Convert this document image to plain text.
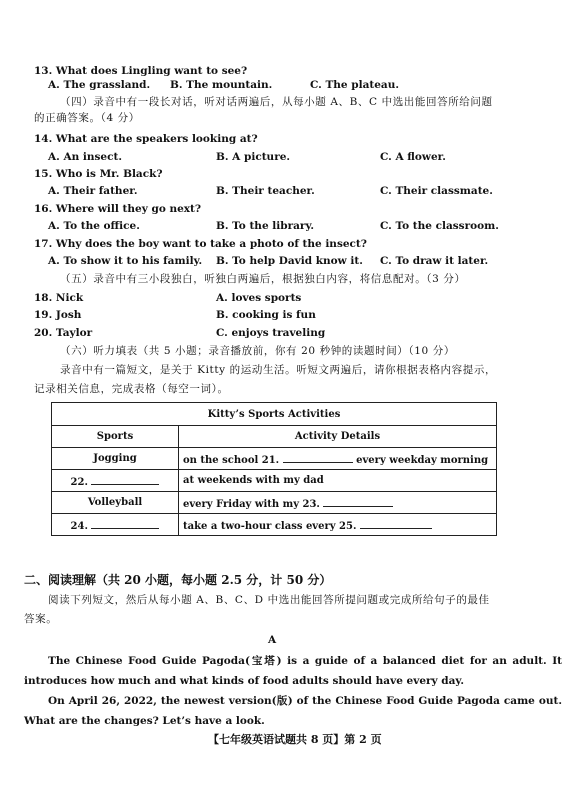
13. What does Lingling want to see?
A. The grassland. B. The mountain.	C. The plateau.
（四）录音中有一段长对话，听对话两遍后，从每小题 A、B、C 中选出能回答所给问题
的正确答案。（4 分）
14. What are the speakers looking at?
A. An insect.	B. A picture.	C. A flower.
15. Who is Mr. Black?
A. Their father.	B. Their teacher.	C. Their classmate.
16. Where will they go next?
A. To the office.	B. To the library.	C. To the classroom.
17. Why does the boy want to take a photo of the insect?
A. To show it to his family. B. To help David know it. C. To draw it later.
（五）录音中有三小段独白，听独白两遍后，根据独白内容，将信息配对。（3 分）
18. Nick	A. loves sports
19. Josh	B. cooking is fun
20. Taylor	C. enjoys traveling
（六）听力填表（共 5 小题；录音播放前，你有 20 秒钟的读题时间）（10 分）
录音中有一篇短文，是关于 Kitty 的运动生活。听短文两遍后，请你根据表格内容提示，
记录相关信息，完成表格（每空一词）。
Kitty’s Sports Activities	
Sports	Activity Details
Jogging	on the school 21. every weekday morning
22.	at weekends with my dad
Volleyball	every Friday with my 23.
24.	take a two-hour class every 25.
二、阅读理解（共 20 小题，每小题 2.5 分，计 50 分）
阅读下列短文，然后从每小题 A、B、C、D 中选出能回答所提问题或完成所给句子的最佳
答案。
A
The Chinese Food Guide Pagoda(宝塔) is a guide of a balanced diet for an adult. It introduces how much and what kinds of food adults should have every day.
On April 26, 2022, the newest version(版) of the Chinese Food Guide Pagoda came out. What are the changes? Let’s have a look.
【七年级英语试题共 8 页】第 2 页
